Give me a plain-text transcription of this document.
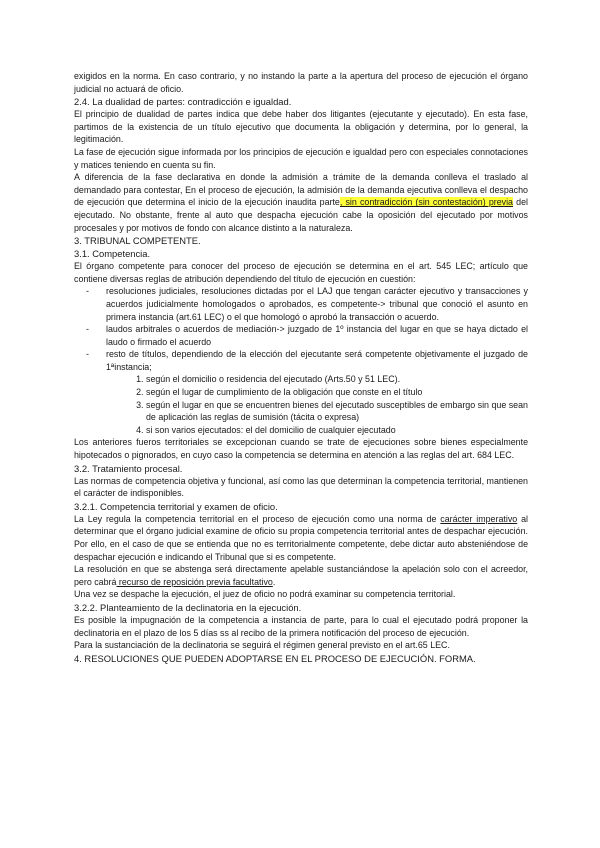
exigidos en la norma. En caso contrario, y no instando la parte a la apertura del proceso de ejecución el órgano judicial no actuará de oficio.

2.4. La dualidad de partes: contradicción e igualdad.

El principio de dualidad de partes indica que debe haber dos litigantes (ejecutante y ejecutado). En esta fase, partimos de la existencia de un título ejecutivo que documenta la obligación y determina, por lo general, la legitimación.

La fase de ejecución sigue informada por los principios de ejecución e igualdad pero con especiales connotaciones y matices teniendo en cuenta su fin.

A diferencia de la fase declarativa en donde la admisión a trámite de la demanda conlleva el traslado al demandado para contestar, En el proceso de ejecución, la admisión de la demanda ejecutiva conlleva el despacho de ejecución que determina el inicio de la ejecución inaudita parte, sin contradicción (sin contestación) previa del ejecutado. No obstante, frente al auto que despacha ejecución cabe la oposición del ejecutado por motivos procesales y por motivos de fondo con alcance distinto a la naturaleza.

3. TRIBUNAL COMPETENTE.

3.1. Competencia.

El órgano competente para conocer del proceso de ejecución se determina en el art. 545 LEC; artículo que contiene diversas reglas de atribución dependiendo del título de ejecución en cuestión:

- resoluciones judiciales, resoluciones dictadas por el LAJ que tengan carácter ejecutivo y transacciones y acuerdos judicialmente homologados o aprobados, es competente-> tribunal que conoció el asunto en primera instancia (art.61 LEC) o el que homologó o aprobó la transacción o acuerdo.
- laudos arbitrales o acuerdos de mediación-> juzgado de 1º instancia del lugar en que se haya dictado el laudo o firmado el acuerdo
- resto de títulos, dependiendo de la elección del ejecutante será competente objetivamente el juzgado de 1ªinstancia;
1. según el domicilio o residencia del ejecutado (Arts.50 y 51 LEC).
2. según el lugar de cumplimiento de la obligación que conste en el título
3. según el lugar en que se encuentren bienes del ejecutado susceptibles de embargo sin que sean de aplicación las reglas de sumisión (tácita o expresa)
4. si son varios ejecutados: el del domicilio de cualquier ejecutado

Los anteriores fueros territoriales se excepcionan cuando se trate de ejecuciones sobre bienes especialmente hipotecados o pignorados, en cuyo caso la competencia se determina en atención a las reglas del art. 684 LEC.

3.2. Tratamiento procesal.

Las normas de competencia objetiva y funcional, así como las que determinan la competencia territorial, mantienen el carácter de indisponibles.

3.2.1. Competencia territorial y examen de oficio.

La Ley regula la competencia territorial en el proceso de ejecución como una norma de carácter imperativo al determinar que el órgano judicial examine de oficio su propia competencia territorial antes de despachar ejecución. Por ello, en el caso de que se entienda que no es territorialmente competente, debe dictar auto absteniéndose de despachar ejecución e indicando el Tribunal que si es competente.

La resolución en que se abstenga será directamente apelable sustanciándose la apelación solo con el acreedor, pero cabrá recurso de reposición previa facultativo.

Una vez se despache la ejecución, el juez de oficio no podrá examinar su competencia territorial.

3.2.2. Planteamiento de la declinatoria en la ejecución.

Es posible la impugnación de la competencia a instancia de parte, para lo cual el ejecutado podrá proponer la declinatoria en el plazo de los 5 días ss al recibo de la primera notificación del proceso de ejecución.

Para la sustanciación de la declinatoria se seguirá el régimen general previsto en el art.65 LEC.

4. RESOLUCIONES QUE PUEDEN ADOPTARSE EN EL PROCESO DE EJECUCIÓN. FORMA.
